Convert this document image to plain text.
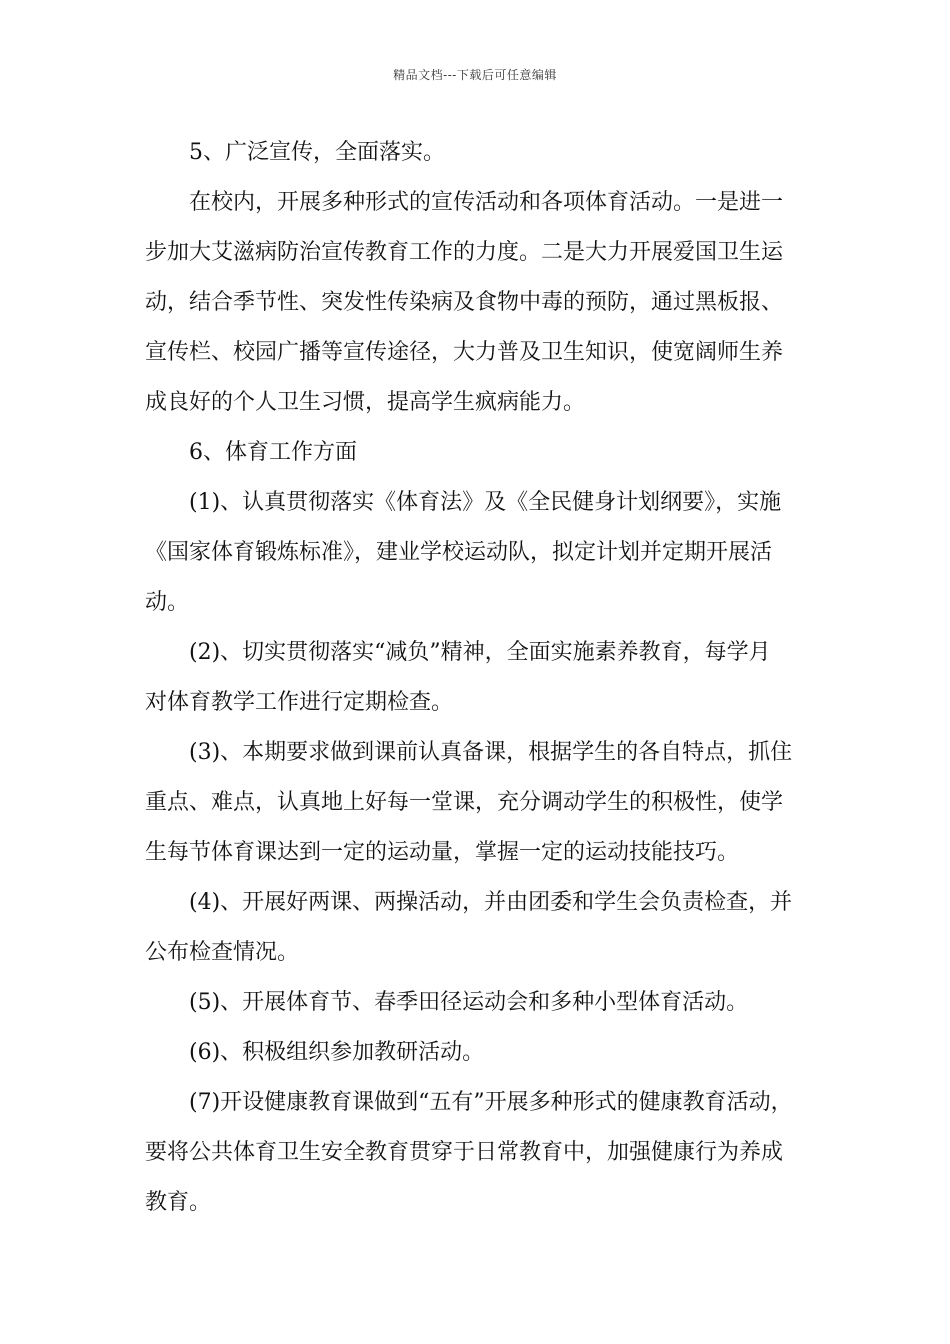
精品文档---下载后可任意编辑

5、广泛宣传，全面落实。

在校内，开展多种形式的宣传活动和各项体育活动。一是进一
步加大艾滋病防治宣传教育工作的力度。二是大力开展爱国卫生运
动，结合季节性、突发性传染病及食物中毒的预防，通过黑板报、
宣传栏、校园广播等宣传途径，大力普及卫生知识，使宽阔师生养
成良好的个人卫生习惯，提高学生疯病能力。

6、体育工作方面

(1)、认真贯彻落实《体育法》及《全民健身计划纲要》，实施
《国家体育锻炼标准》，建业学校运动队，拟定计划并定期开展活
动。

(2)、切实贯彻落实“减负”精神，全面实施素养教育，每学月
对体育教学工作进行定期检查。

(3)、本期要求做到课前认真备课，根据学生的各自特点，抓住
重点、难点，认真地上好每一堂课，充分调动学生的积极性，使学
生每节体育课达到一定的运动量，掌握一定的运动技能技巧。

(4)、开展好两课、两操活动，并由团委和学生会负责检查，并
公布检查情况。

(5)、开展体育节、春季田径运动会和多种小型体育活动。

(6)、积极组织参加教研活动。

(7)开设健康教育课做到“五有”开展多种形式的健康教育活动，
要将公共体育卫生安全教育贯穿于日常教育中，加强健康行为养成
教育。
